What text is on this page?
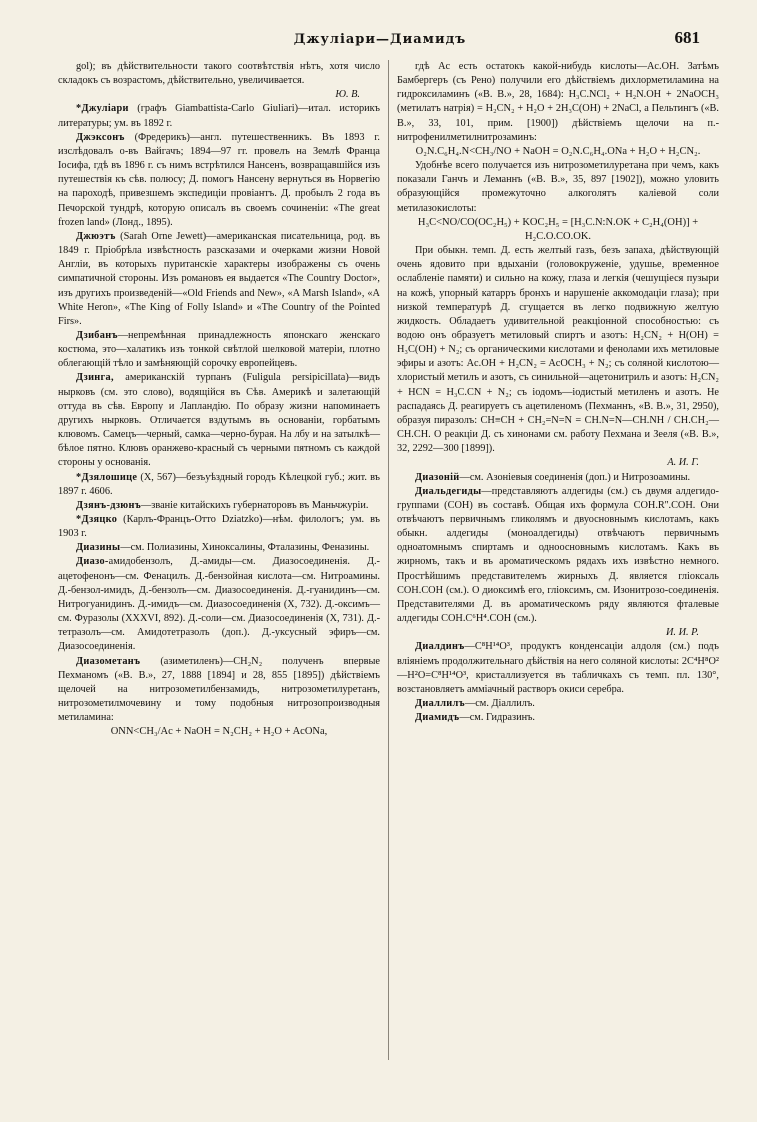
Джулiари—Диамидъ	681

gol); въ дѣйствительности такого соотвѣтствiя нѣтъ, хотя число складокъ съ возрастомъ, дѣйствительно, увеличивается.

Ю. В.

*Джулiари (графъ Giambattista-Carlo Giuliari)—итал. историкъ литературы; ум. въ 1892 г.

Джэксонъ (Фредерикъ)—англ. путешественникъ. Въ 1893 г. изслѣдовалъ о-въ Вайгачъ; 1894—97 гг. провелъ на Землѣ Франца Iосифа, гдѣ въ 1896 г. съ нимъ встрѣтился Нансенъ, возвращавшiйся изъ путешествiя къ сѣв. полюсу; Д. помогъ Нансену вернуться въ Норвегiю на пароходѣ, привезшемъ экспедицiи провiантъ. Д. пробылъ 2 года въ Печорской тундрѣ, которую описалъ въ своемъ сочиненiи: «The great frozen land» (Лонд., 1895).

Джюэтъ (Sarah Orne Jewett)—американская писательница, род. въ 1849 г. Прiобрѣла извѣстность разсказами и очерками жизни Новой Англiи, въ которыхъ пуританскiе характеры изображены съ очень симпатичной стороны. Изъ романовъ ея выдается «The Country Doctor», изъ другихъ произведенiй—«Old Friends and New», «A Marsh Island», «A White Heron», «The King of Folly Island» и «The Country of the Pointed Firs».

Дзибанъ—непремѣнная принадлежность японскаго женскаго костюма, это—халатикъ изъ тонкой свѣтлой шелковой матерiи, плотно облегающiй тѣло и замѣняющiй сорочку европейцевъ.

Дзинга, американскiй турпанъ (Fuligula persipicillata)—видъ нырковъ (см. это слово), водящiйся въ Сѣв. Америкѣ и залетающiй оттуда въ сѣв. Европу и Лапландiю. По образу жизни напоминаетъ другихъ нырковъ. Отличается вздутымъ въ основанiи, горбатымъ клювомъ. Самецъ—черный, самка—черно-бурая. На лбу и на затылкѣ—бѣлое пятно. Клювъ оранжево-красный съ черными пятномъ съ каждой стороны у основанiя.

*Дзялошице (X, 567)—безъуѣздный городъ Кѣлецкой губ.; жит. въ 1897 г. 4606.

Дзянъ-дзюнъ—званiе китайскихъ губернаторовъ въ Маньчжурiи.

*Дзяцко (Карлъ-Францъ-Отто Dziatzko)—нѣм. филологъ; ум. въ 1903 г.

Диазины—см. Полиазины, Хиноксалины, Фталазины, Феназины.

Диазо-амидобензолъ, Д.-амиды—см. Диазосоединенiя. Д.-ацетофенонъ—см. Фенацилъ. Д.-бензойная кислота—см. Нитроамины. Д.-бензол-имидъ, Д.-бензолъ—см. Диазосоединенiя. Д.-гуанидинъ—см. Нитрогуанидинъ. Д.-имидъ—см. Диазосоединенiя (X, 732). Д.-оксимъ—см. Фуразолы (XXXVI, 892). Д.-соли—см. Диазосоединенiя (X, 731). Д.-тетразолъ—см. Амидотетразолъ (доп.). Д.-уксусный эфиръ—см. Диазосоединенiя.

Диазометанъ (азиметиленъ)—CH₂N₂ полученъ впервые Пехманомъ («В. В.», 27, 1888 [1894] и 28, 855 [1895]) дѣйствiемъ щелочей на нитрозометилбензамидъ, нитрозометилуретанъ, нитрозометилмочевину и тому подобныя нитрозопроизводныя метиламина:

ONN<CH₃/Ac + NaOH = N₂CH₂ + H₂O + AcONa,

гдѣ Ac есть остатокъ какой-нибудь кислоты—Ac.OH. Затѣмъ Бамбергеръ (съ Рено) получили его дѣйствiемъ дихлорметиламина на гидроксиламинъ («В. В.», 28, 1684): H₃C.NCl₂ + H₂N.OH + 2NaOCH₃ (метилатъ натрiя) = H₂CN₂ + H₂O + 2H₃C(OH) + 2NaCl, а Пельтингъ («В. В.», 33, 101, прим. [1900]) дѣйствiемъ щелочи на п.-нитрофенилметилнитрозаминъ:

O₂N.C₆H₄.N<CH₃/NO + NaOH = O₂N.C₆H₄.ONa + H₂O + H₂CN₂.

Удобнѣе всего получается изъ нитрозометилуретана при чемъ, какъ показали Ганчъ и Леманнъ («В. В.», 35, 897 [1902]), можно уловить образующiйся промежуточно алкоголятъ калiевой соли метилазокислоты:

H₃C<NO/CO(OC₂H₅) + KOC₂H₅ = [H₃C.N:N.OK + C₂H₄(OH)] + H₂C.O.CO.OK.

При обыкн. темп. Д. есть желтый газъ, безъ запаха, дѣйствующiй очень ядовито при вдыханiи (головокруженiе, удушье, временное ослабленiе памяти) и сильно на кожу, глаза и легкiя (чешущiеся пузыри на кожѣ, упорный катарръ бронхъ и нарушенiе аккомодацiи глаза); при низкой температурѣ Д. сгущается въ легко подвижную желтую жидкость. Обладаетъ удивительной реакцiонной способностью: съ водою онъ образуетъ метиловый спиртъ и азотъ: H₂CN₂ + H(OH) = H₃C(OH) + N₂; съ органическими кислотами и фенолами ихъ метиловые эфиры и азотъ: Ac.OH + H₂CN₂ = AcOCH₃ + N₂; съ соляной кислотою—хлористый метилъ и азотъ, съ синильной—ацетонитрилъ и азотъ: H₂CN₂ + HCN = H₃C.CN + N₂; съ iодомъ—iодистый метиленъ и азотъ. Не распадаясь Д. реагируетъ съ ацетиленомъ (Пехманнъ, «В. В.», 31, 2950), образуя пиразолъ: CH≡CH + CH₂=N=N = CH.N=N—CH.NH / CH.CH₂—CH.CH. О реакцiи Д. съ хинонами см. работу Пехмана и Зееля («В. В.», 32, 2292—300 [1899]).

А. И. Г.

Диазонiй—см. Азонiевыя соединенiя (доп.) и Нитрозоамины.

Диальдегиды—представляютъ алдегиды (см.) съ двумя алдегидо-группами (COH) въ составѣ. Общая ихъ формула COH.R''.COH. Они отвѣчаютъ первичнымъ гликолямъ и двуосновнымъ кислотамъ, какъ обыкн. алдегиды (моноалдегиды) отвѣчаютъ первичнымъ одноатомнымъ спиртамъ и одноосновнымъ кислотамъ. Какъ въ жирномъ, такъ и въ ароматическомъ рядахъ ихъ извѣстно немного. Простѣйшимъ представителемъ жирныхъ Д. является глiоксаль COH.COH (см.). О диоксимѣ его, глiоксимъ, см. Изонитрозо-соединенiя. Представителями Д. въ ароматическомъ ряду являются фталевые алдегиды COH.C⁶H⁴.COH (см.).

И. И. Р.

Диалдинъ—C⁸H¹⁴O³, продуктъ конденсацiи алдоля (см.) подъ влiянiемъ продолжительнаго дѣйствiя на него соляной кислоты: 2C⁴H⁸O²—H²O=C⁸H¹⁴O³, кристаллизуется въ табличкахъ съ темп. пл. 130°, возстановляетъ аммiачный растворъ окиси серебра.

Диаллилъ—см. Дiаллилъ.

Диамидъ—см. Гидразинъ.
